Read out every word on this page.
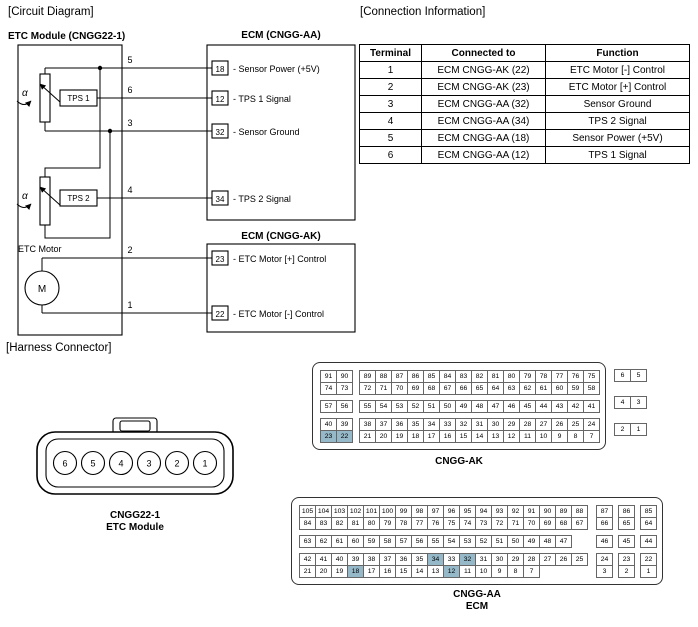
[Circuit Diagram]	[Connection Information]
[Harness Connector]
ETC Module (CNGG22-1)	ECM (CNGG-AA)
ECM (CNGG-AK)
TPS 1
α
TPS 2
α
ETC Motor
M
5
6
3
4
2
1
18 - Sensor Power (+5V)
12 - TPS 1 Signal
32 - Sensor Ground
34 - TPS 2 Signal
23 - ETC Motor [+] Control
22 - ETC Motor [-] Control
Terminal	Connected to	Function
1	ECM CNGG-AK (22)	ETC Motor [-] Control
2	ECM CNGG-AK (23)	ETC Motor [+] Control
3	ECM CNGG-AA (32)	Sensor Ground
4	ECM CNGG-AA (34)	TPS 2 Signal
5	ECM CNGG-AA (18)	Sensor Power (+5V)
6	ECM CNGG-AA (12)	TPS 1 Signal
6	5	4	3	2	1
CNGG22-1
ETC Module
91	90	89	88	87	86	85	84	83	82	81	80	79	78	77	76	75
74	73	72	71	70	69	68	67	66	65	64	63	62	61	60	59	58
57	56	55	54	53	52	51	50	49	48	47	46	45	44	43	42	41
40	39	38	37	36	35	34	33	32	31	30	29	28	27	26	25	24
23	22	21	20	19	18	17	16	15	14	13	12	11	10	9	8	7
6	5
4	3
2	1
CNGG-AK
105 104 103 102 101 100 99	98	97	96	95	94	93	92	91	90	89	88	87	86	85
84	83	82	81	80	79	78	77	76	75	74	73	72	71	70	69	68	67	66	65	64
63	62	61	60	59	58	57	56	55	54	53	52	51	50	49	48	47	46	45	44
42	41	40	39	38	37	36	35	34	33	32	31	30	29	28	27	26	25	24	23	22
21	20	19	18	17	16	15	14	13	12	11	10	9	8	7	3	2	1
CNGG-AA
ECM
